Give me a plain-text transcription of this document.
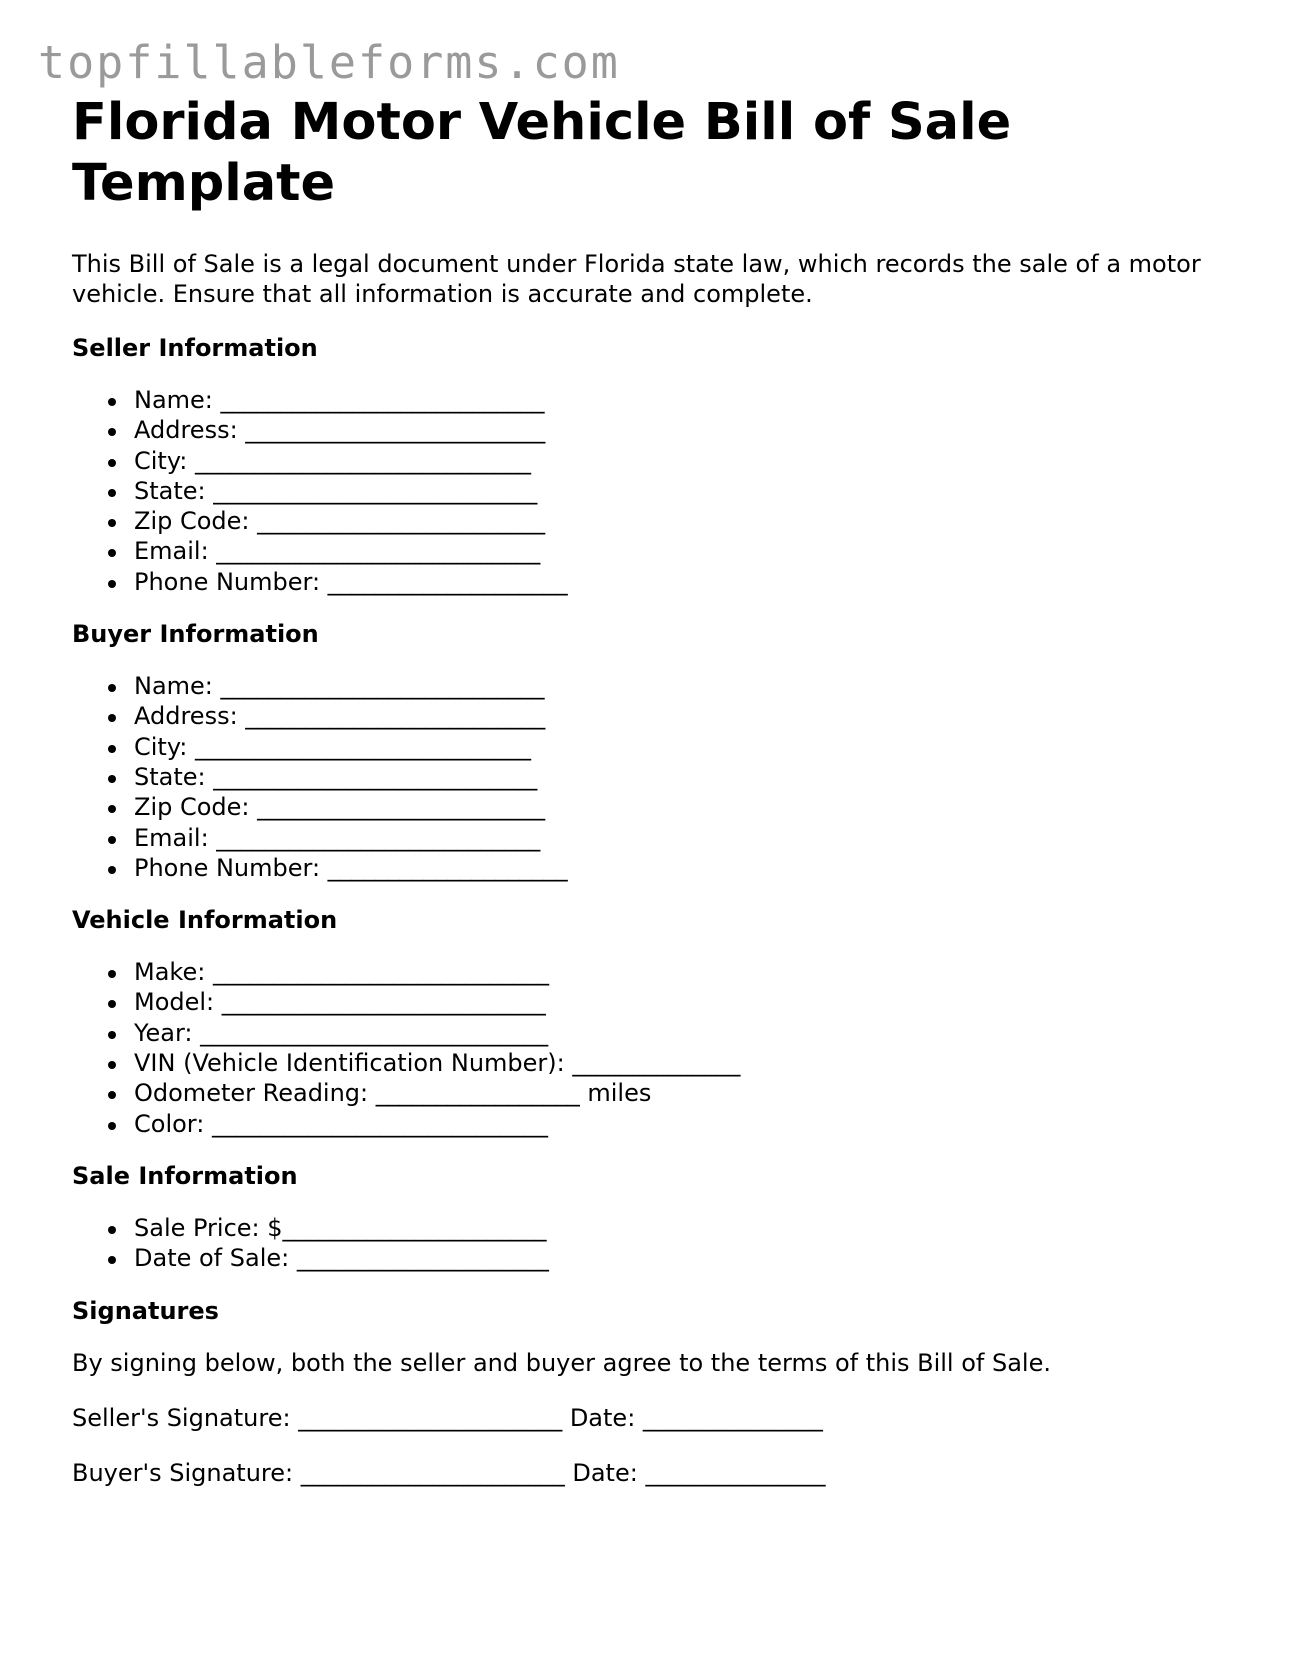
topfillableforms.com
Florida Motor Vehicle Bill of Sale Template

This Bill of Sale is a legal document under Florida state law, which records the sale of a motor vehicle. Ensure that all information is accurate and complete.

Seller Information
Name: ___________________________
Address: _________________________
City: ____________________________
State: ___________________________
Zip Code: ________________________
Email: ___________________________
Phone Number: ____________________
Buyer Information
Name: ___________________________
Address: _________________________
City: ____________________________
State: ___________________________
Zip Code: ________________________
Email: ___________________________
Phone Number: ____________________
Vehicle Information
Make: ____________________________
Model: ___________________________
Year: _____________________________
VIN (Vehicle Identification Number): ______________
Odometer Reading: _________________ miles
Color: ____________________________
Sale Information
Sale Price: $______________________
Date of Sale: _____________________
Signatures

By signing below, both the seller and buyer agree to the terms of this Bill of Sale.

Seller's Signature: ______________________ Date: _______________

Buyer's Signature: ______________________ Date: _______________
